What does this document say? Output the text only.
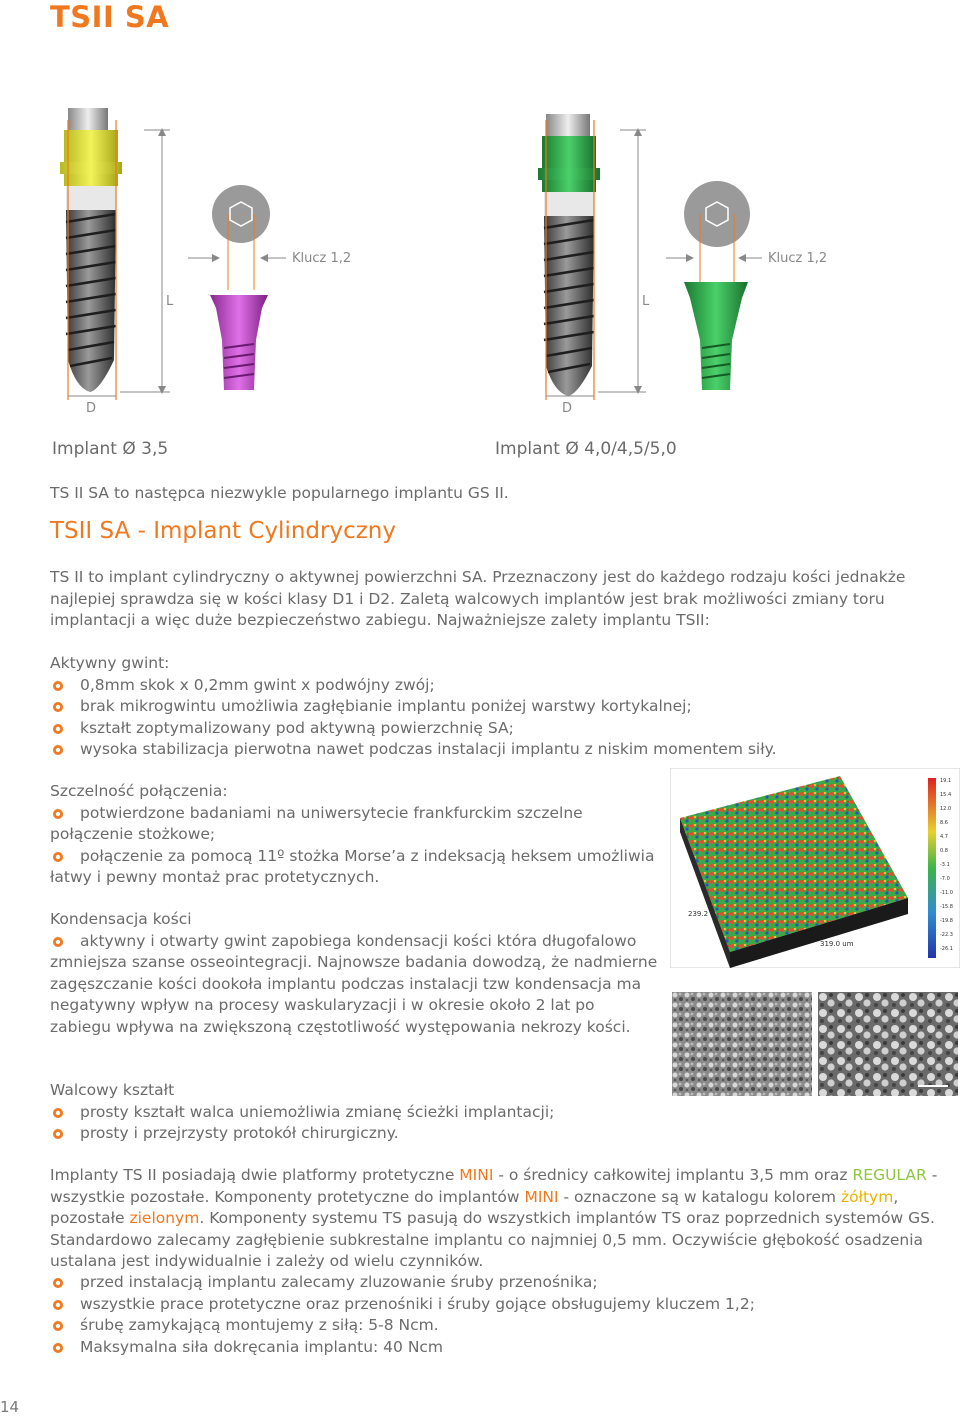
TSII SA
L
D
Klucz 1,2
L
D
Klucz 1,2
Implant Ø 3,5	Implant Ø 4,0/4,5/5,0

TS II SA to następca niezwykle popularnego implantu GS II.

TSII SA - Implant Cylindryczny

TS II to implant cylindryczny o aktywnej powierzchni SA. Przeznaczony jest do każdego rodzaju kości jednakże najlepiej sprawdza się w kości klasy D1 i D2. Zaletą walcowych implantów jest brak możliwości zmiany toru implantacji a więc duże bezpieczeństwo zabiegu. Najważniejsze zalety implantu TSII:

Aktywny gwint:
0,8mm skok x 0,2mm gwint x podwójny zwój;
brak mikrogwintu umożliwia zagłębianie implantu poniżej warstwy kortykalnej;
kształt zoptymalizowany pod aktywną powierzchnię SA;
wysoka stabilizacja pierwotna nawet podczas instalacji implantu z niskim momentem siły.
Szczelność połączenia:
potwierdzone badaniami na uniwersytecie frankfurckim szczelne połączenie stożkowe;
połączenie za pomocą 11º stożka Morse’a z indeksacją heksem umożliwia łatwy i pewny montaż prac protetycznych.
Kondensacja kości
aktywny i otwarty gwint zapobiega kondensacji kości która długofalowo zmniejsza szanse osseointegracji. Najnowsze badania dowodzą, że nadmierne zagęszczanie kości dookoła implantu podczas instalacji tzw kondensacja ma negatywny wpływ na procesy waskularyzacji i w okresie około 2 lat po zabiegu wpływa na zwiększoną częstotliwość występowania nekrozy kości.
Walcowy kształt
prosty kształt walca uniemożliwia zmianę ścieżki implantacji;
prosty i przejrzysty protokół chirurgiczny.

Implanty TS II posiadają dwie platformy protetyczne MINI - o średnicy całkowitej implantu 3,5 mm oraz REGULAR - wszystkie pozostałe. Komponenty protetyczne do implantów MINI - oznaczone są w katalogu kolorem żółtym, pozostałe zielonym. Komponenty systemu TS pasują do wszystkich implantów TS oraz poprzednich systemów GS. Standardowo zalecamy zagłębienie subkrestalne implantu co najmniej 0,5 mm. Oczywiście głębokość osadzenia ustalana jest indywidualnie i zależy od wielu czynników.

przed instalacją implantu zalecamy zluzowanie śruby przenośnika;
wszystkie prace protetyczne oraz przenośniki i śruby gojące obsługujemy kluczem 1,2;
śrubę zamykającą montujemy z siłą: 5-8 Ncm.
Maksymalna siła dokręcania implantu: 40 Ncm
319.0 um
239.2
19.1
15.4
12.0
8.6
4.7
0.8
-3.1
-7.0
-11.0
-15.8
-19.8
-22.3
-26.1
14
